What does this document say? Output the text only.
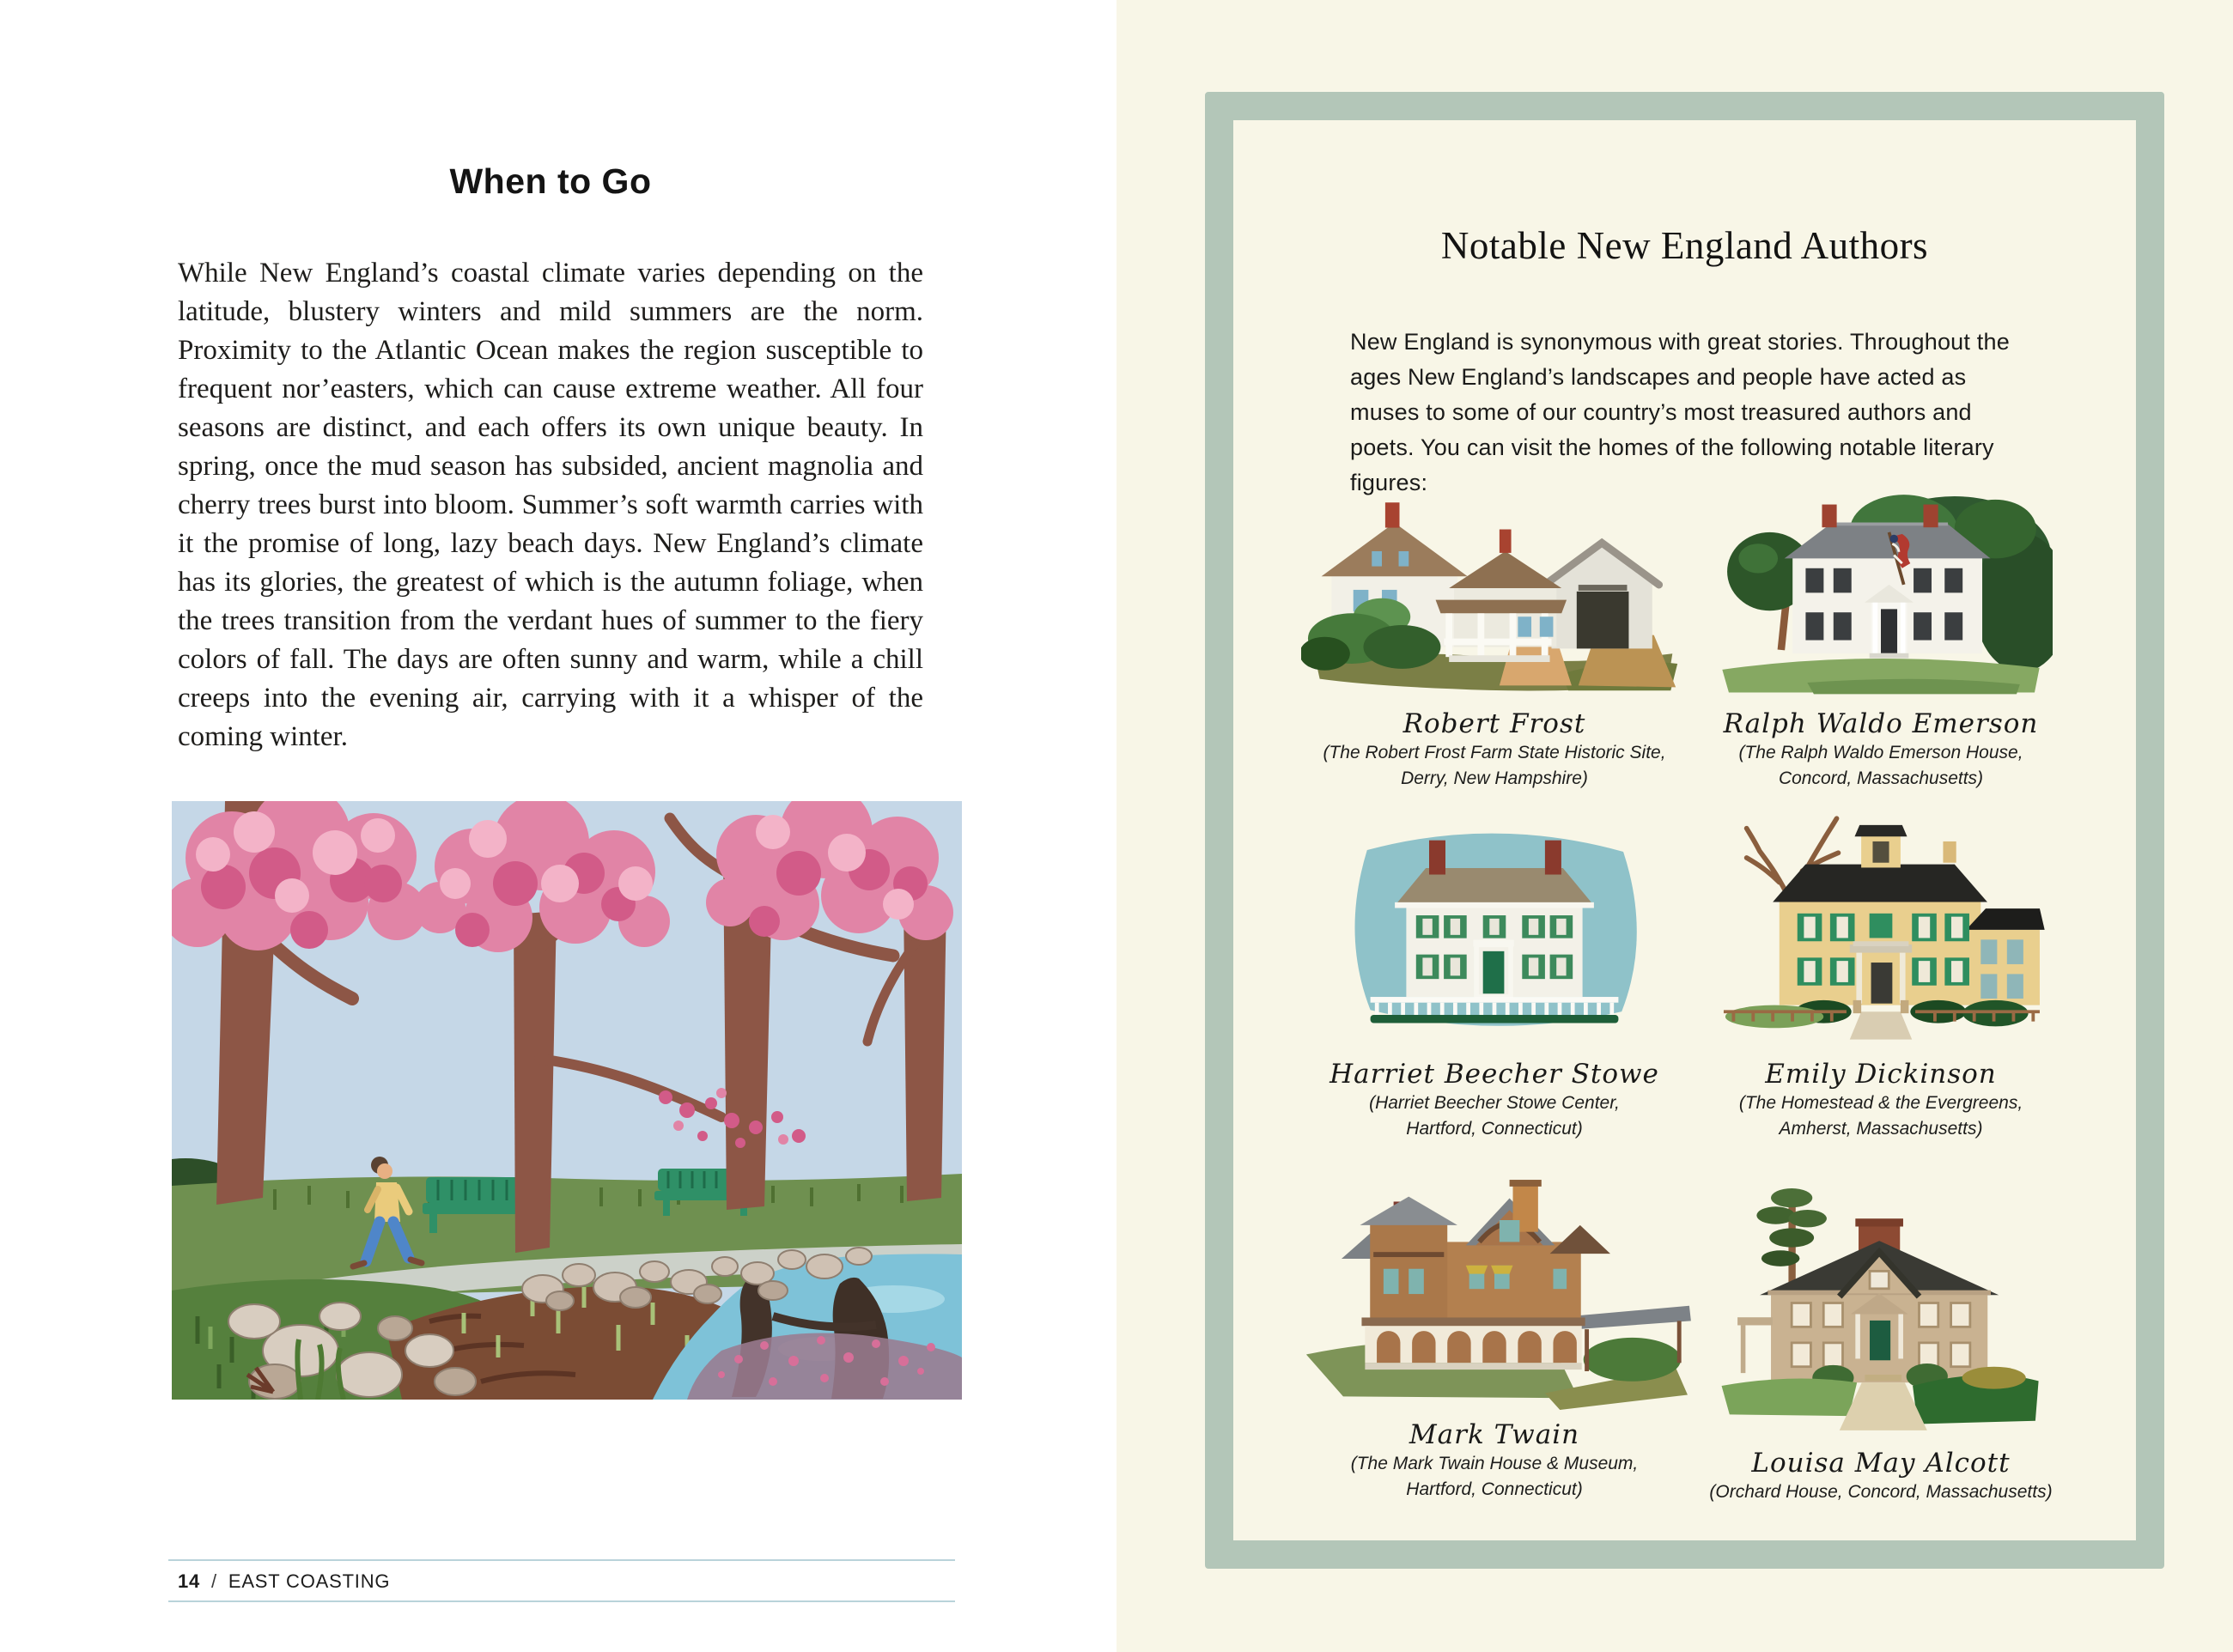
When to Go

While New England’s coastal climate varies depending on the latitude, blustery winters and mild summers are the norm. Proximity to the Atlantic Ocean makes the region susceptible to frequent nor’easters, which can cause extreme weather. All four seasons are distinct, and each offers its own unique beauty. In spring, once the mud season has subsided, ancient magnolia and cherry trees burst into bloom. Summer’s soft warmth carries with it the promise of long, lazy beach days. New England’s climate has its glories, the greatest of which is the autumn foliage, when the trees transition from the verdant hues of summer to the fiery colors of fall. The days are often sunny and warm, while a chill creeps into the evening air, carrying with it a whisper of the coming winter.

14 / EAST COASTING
Notable New England Authors

New England is synonymous with great stories. Throughout the ages New England’s landscapes and people have acted as muses to some of our country’s most treasured authors and poets. You can visit the homes of the following notable literary figures:

Robert Frost
(The Robert Frost Farm State Historic Site,
Derry, New Hampshire)
Ralph Waldo Emerson
(The Ralph Waldo Emerson House,
Concord, Massachusetts)
Harriet Beecher Stowe
(Harriet Beecher Stowe Center,
Hartford, Connecticut)
Emily Dickinson
(The Homestead & the Evergreens,
Amherst, Massachusetts)
Mark Twain
(The Mark Twain House & Museum,
Hartford, Connecticut)
Louisa May Alcott
(Orchard House, Concord, Massachusetts)
